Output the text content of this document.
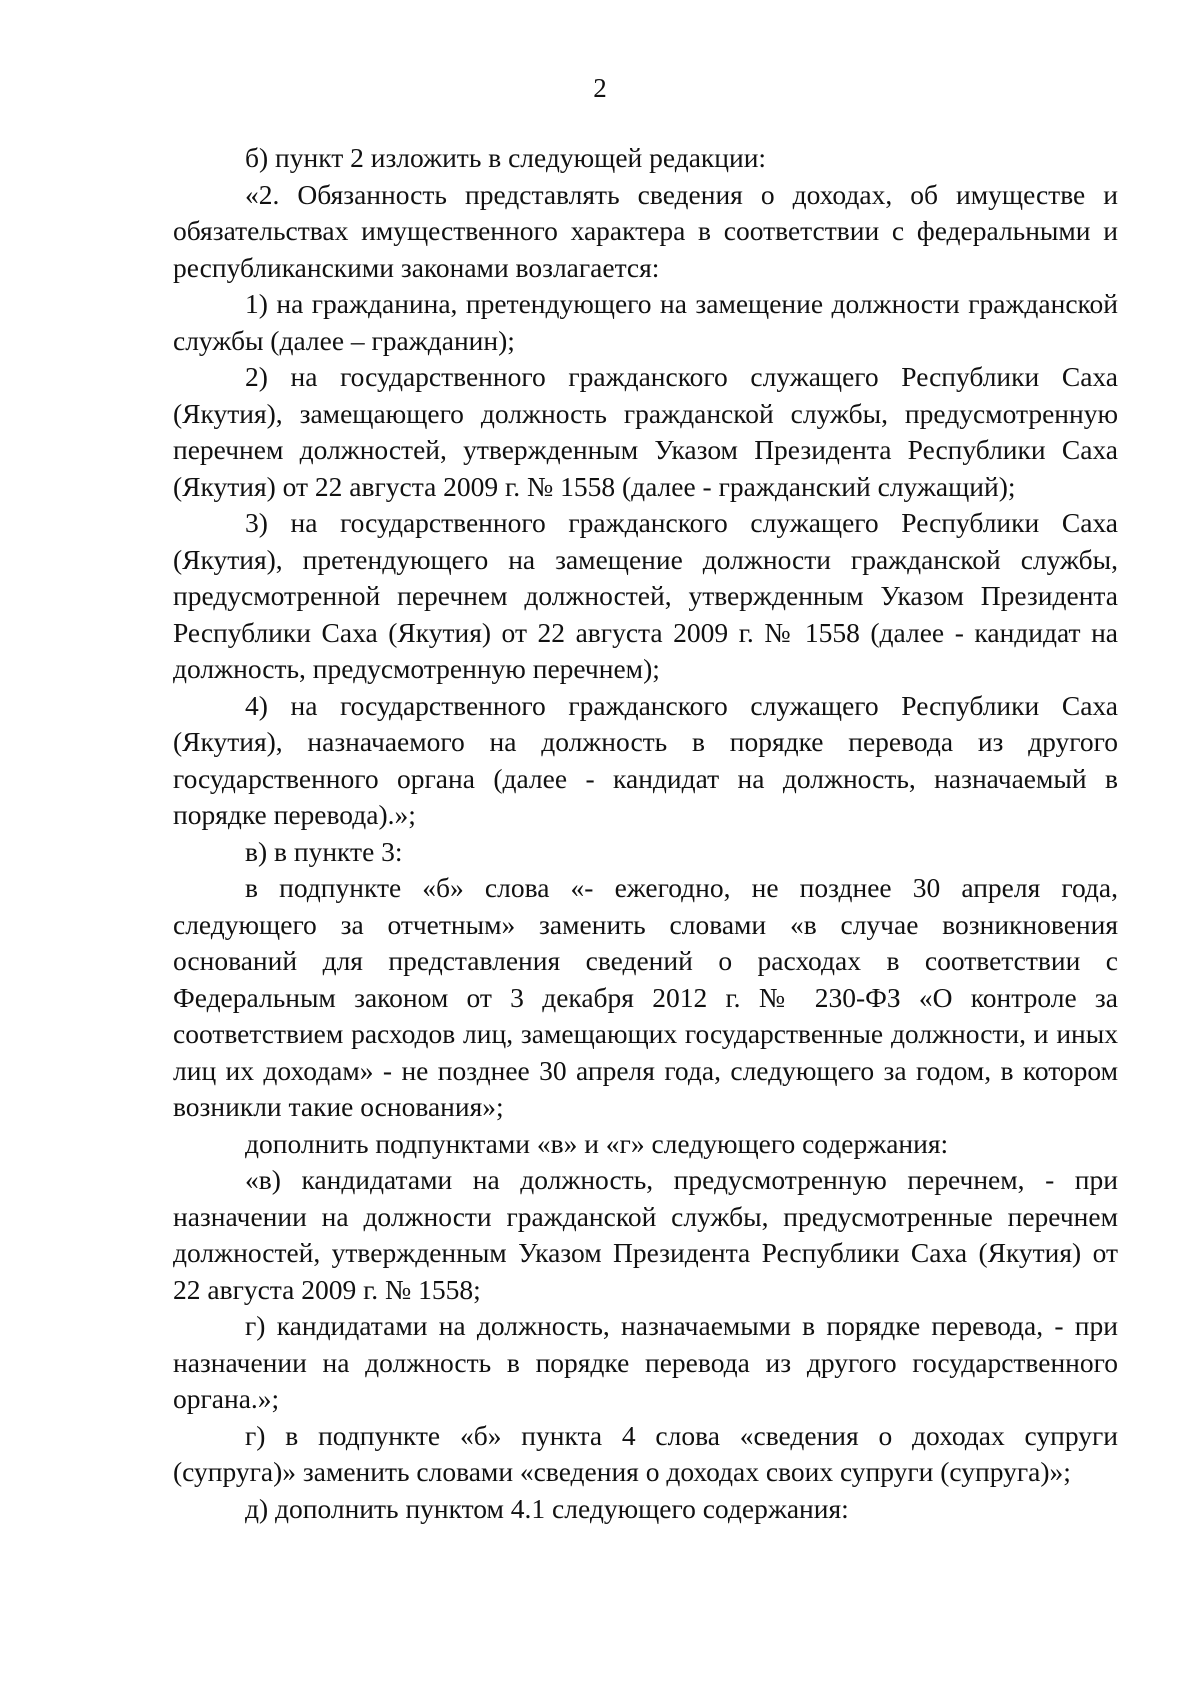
2

б) пункт 2 изложить в следующей редакции:

«2. Обязанность представлять сведения о доходах, об имуществе и обязательствах имущественного характера в соответствии с федеральными и республиканскими законами возлагается:

1) на гражданина, претендующего на замещение должности гражданской службы (далее – гражданин);

2) на государственного гражданского служащего Республики Саха (Якутия), замещающего должность гражданской службы, предусмотренную перечнем должностей, утвержденным Указом Президента Республики Саха (Якутия) от 22 августа 2009 г. № 1558 (далее - гражданский служащий);

3) на государственного гражданского служащего Республики Саха (Якутия), претендующего на замещение должности гражданской службы, предусмотренной перечнем должностей, утвержденным Указом Президента Республики Саха (Якутия) от 22 августа 2009 г. № 1558 (далее - кандидат на должность, предусмотренную перечнем);

4) на государственного гражданского служащего Республики Саха (Якутия), назначаемого на должность в порядке перевода из другого государственного органа (далее - кандидат на должность, назначаемый в порядке перевода).»;

в) в пункте 3:

в подпункте «б» слова «- ежегодно, не позднее 30 апреля года, следующего за отчетным» заменить словами «в случае возникновения оснований для представления сведений о расходах в соответствии с Федеральным законом от 3 декабря 2012 г. № 230-ФЗ «О контроле за соответствием расходов лиц, замещающих государственные должности, и иных лиц их доходам» - не позднее 30 апреля года, следующего за годом, в котором возникли такие основания»;

дополнить подпунктами «в» и «г» следующего содержания:

«в) кандидатами на должность, предусмотренную перечнем, - при назначении на должности гражданской службы, предусмотренные перечнем должностей, утвержденным Указом Президента Республики Саха (Якутия) от 22 августа 2009 г. № 1558;

г) кандидатами на должность, назначаемыми в порядке перевода, - при назначении на должность в порядке перевода из другого государственного органа.»;

г) в подпункте «б» пункта 4 слова «сведения о доходах супруги (супруга)» заменить словами «сведения о доходах своих супруги (супруга)»;

д) дополнить пунктом 4.1 следующего содержания:
